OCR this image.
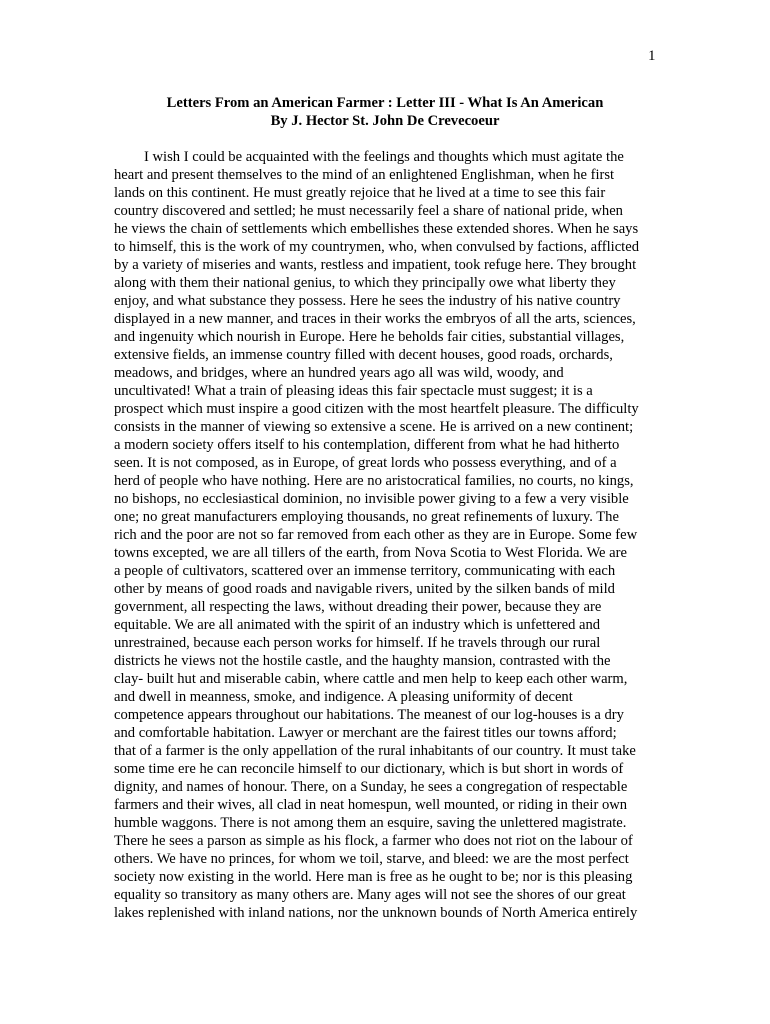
1
Letters From an American Farmer : Letter III - What Is An American
By J. Hector St. John De Crevecoeur
I wish I could be acquainted with the feelings and thoughts which must agitate the
heart and present themselves to the mind of an enlightened Englishman, when he first
lands on this continent. He must greatly rejoice that he lived at a time to see this fair
country discovered and settled; he must necessarily feel a share of national pride, when
he views the chain of settlements which embellishes these extended shores. When he says
to himself, this is the work of my countrymen, who, when convulsed by factions, afflicted
by a variety of miseries and wants, restless and impatient, took refuge here. They brought
along with them their national genius, to which they principally owe what liberty they
enjoy, and what substance they possess. Here he sees the industry of his native country
displayed in a new manner, and traces in their works the embryos of all the arts, sciences,
and ingenuity which nourish in Europe. Here he beholds fair cities, substantial villages,
extensive fields, an immense country filled with decent houses, good roads, orchards,
meadows, and bridges, where an hundred years ago all was wild, woody, and
uncultivated! What a train of pleasing ideas this fair spectacle must suggest; it is a
prospect which must inspire a good citizen with the most heartfelt pleasure. The difficulty
consists in the manner of viewing so extensive a scene. He is arrived on a new continent;
a modern society offers itself to his contemplation, different from what he had hitherto
seen. It is not composed, as in Europe, of great lords who possess everything, and of a
herd of people who have nothing. Here are no aristocratical families, no courts, no kings,
no bishops, no ecclesiastical dominion, no invisible power giving to a few a very visible
one; no great manufacturers employing thousands, no great refinements of luxury. The
rich and the poor are not so far removed from each other as they are in Europe. Some few
towns excepted, we are all tillers of the earth, from Nova Scotia to West Florida. We are
a people of cultivators, scattered over an immense territory, communicating with each
other by means of good roads and navigable rivers, united by the silken bands of mild
government, all respecting the laws, without dreading their power, because they are
equitable. We are all animated with the spirit of an industry which is unfettered and
unrestrained, because each person works for himself. If he travels through our rural
districts he views not the hostile castle, and the haughty mansion, contrasted with the
clay- built hut and miserable cabin, where cattle and men help to keep each other warm,
and dwell in meanness, smoke, and indigence. A pleasing uniformity of decent
competence appears throughout our habitations. The meanest of our log-houses is a dry
and comfortable habitation. Lawyer or merchant are the fairest titles our towns afford;
that of a farmer is the only appellation of the rural inhabitants of our country. It must take
some time ere he can reconcile himself to our dictionary, which is but short in words of
dignity, and names of honour. There, on a Sunday, he sees a congregation of respectable
farmers and their wives, all clad in neat homespun, well mounted, or riding in their own
humble waggons. There is not among them an esquire, saving the unlettered magistrate.
There he sees a parson as simple as his flock, a farmer who does not riot on the labour of
others. We have no princes, for whom we toil, starve, and bleed: we are the most perfect
society now existing in the world. Here man is free as he ought to be; nor is this pleasing
equality so transitory as many others are. Many ages will not see the shores of our great
lakes replenished with inland nations, nor the unknown bounds of North America entirely
